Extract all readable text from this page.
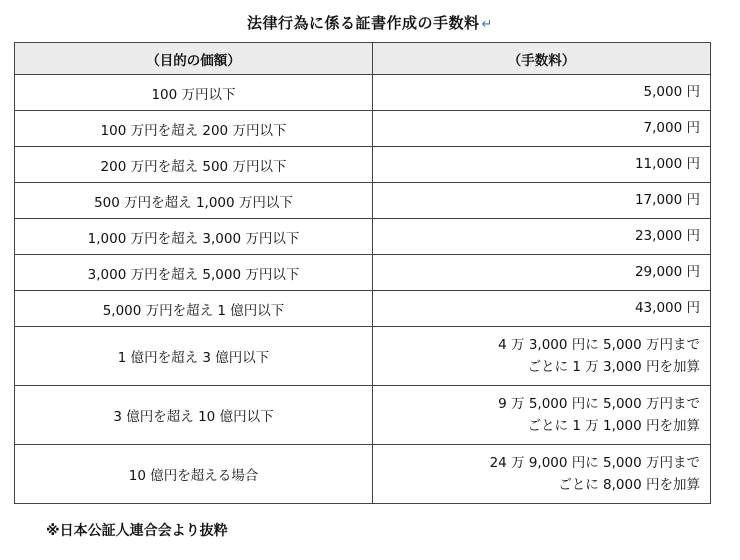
法律行為に係る証書作成の手数料 ↵
（目的の価額）	（手数料）
100 万円以下	5,000 円

100 万円を超え 200 万円以下	7,000 円

200 万円を超え 500 万円以下	11,000 円

500 万円を超え 1,000 万円以下	17,000 円

1,000 万円を超え 3,000 万円以下	23,000 円

3,000 万円を超え 5,000 万円以下	29,000 円

5,000 万円を超え 1 億円以下	43,000 円

1 億円を超え 3 億円以下	4 万 3,000 円に 5,000 万円まで
ごとに 1 万 3,000 円を加算

3 億円を超え 10 億円以下	9 万 5,000 円に 5,000 万円まで
ごとに 1 万 1,000 円を加算

10 億円を超える場合	24 万 9,000 円に 5,000 万円まで
ごとに 8,000 円を加算
※日本公証人連合会より抜粋
